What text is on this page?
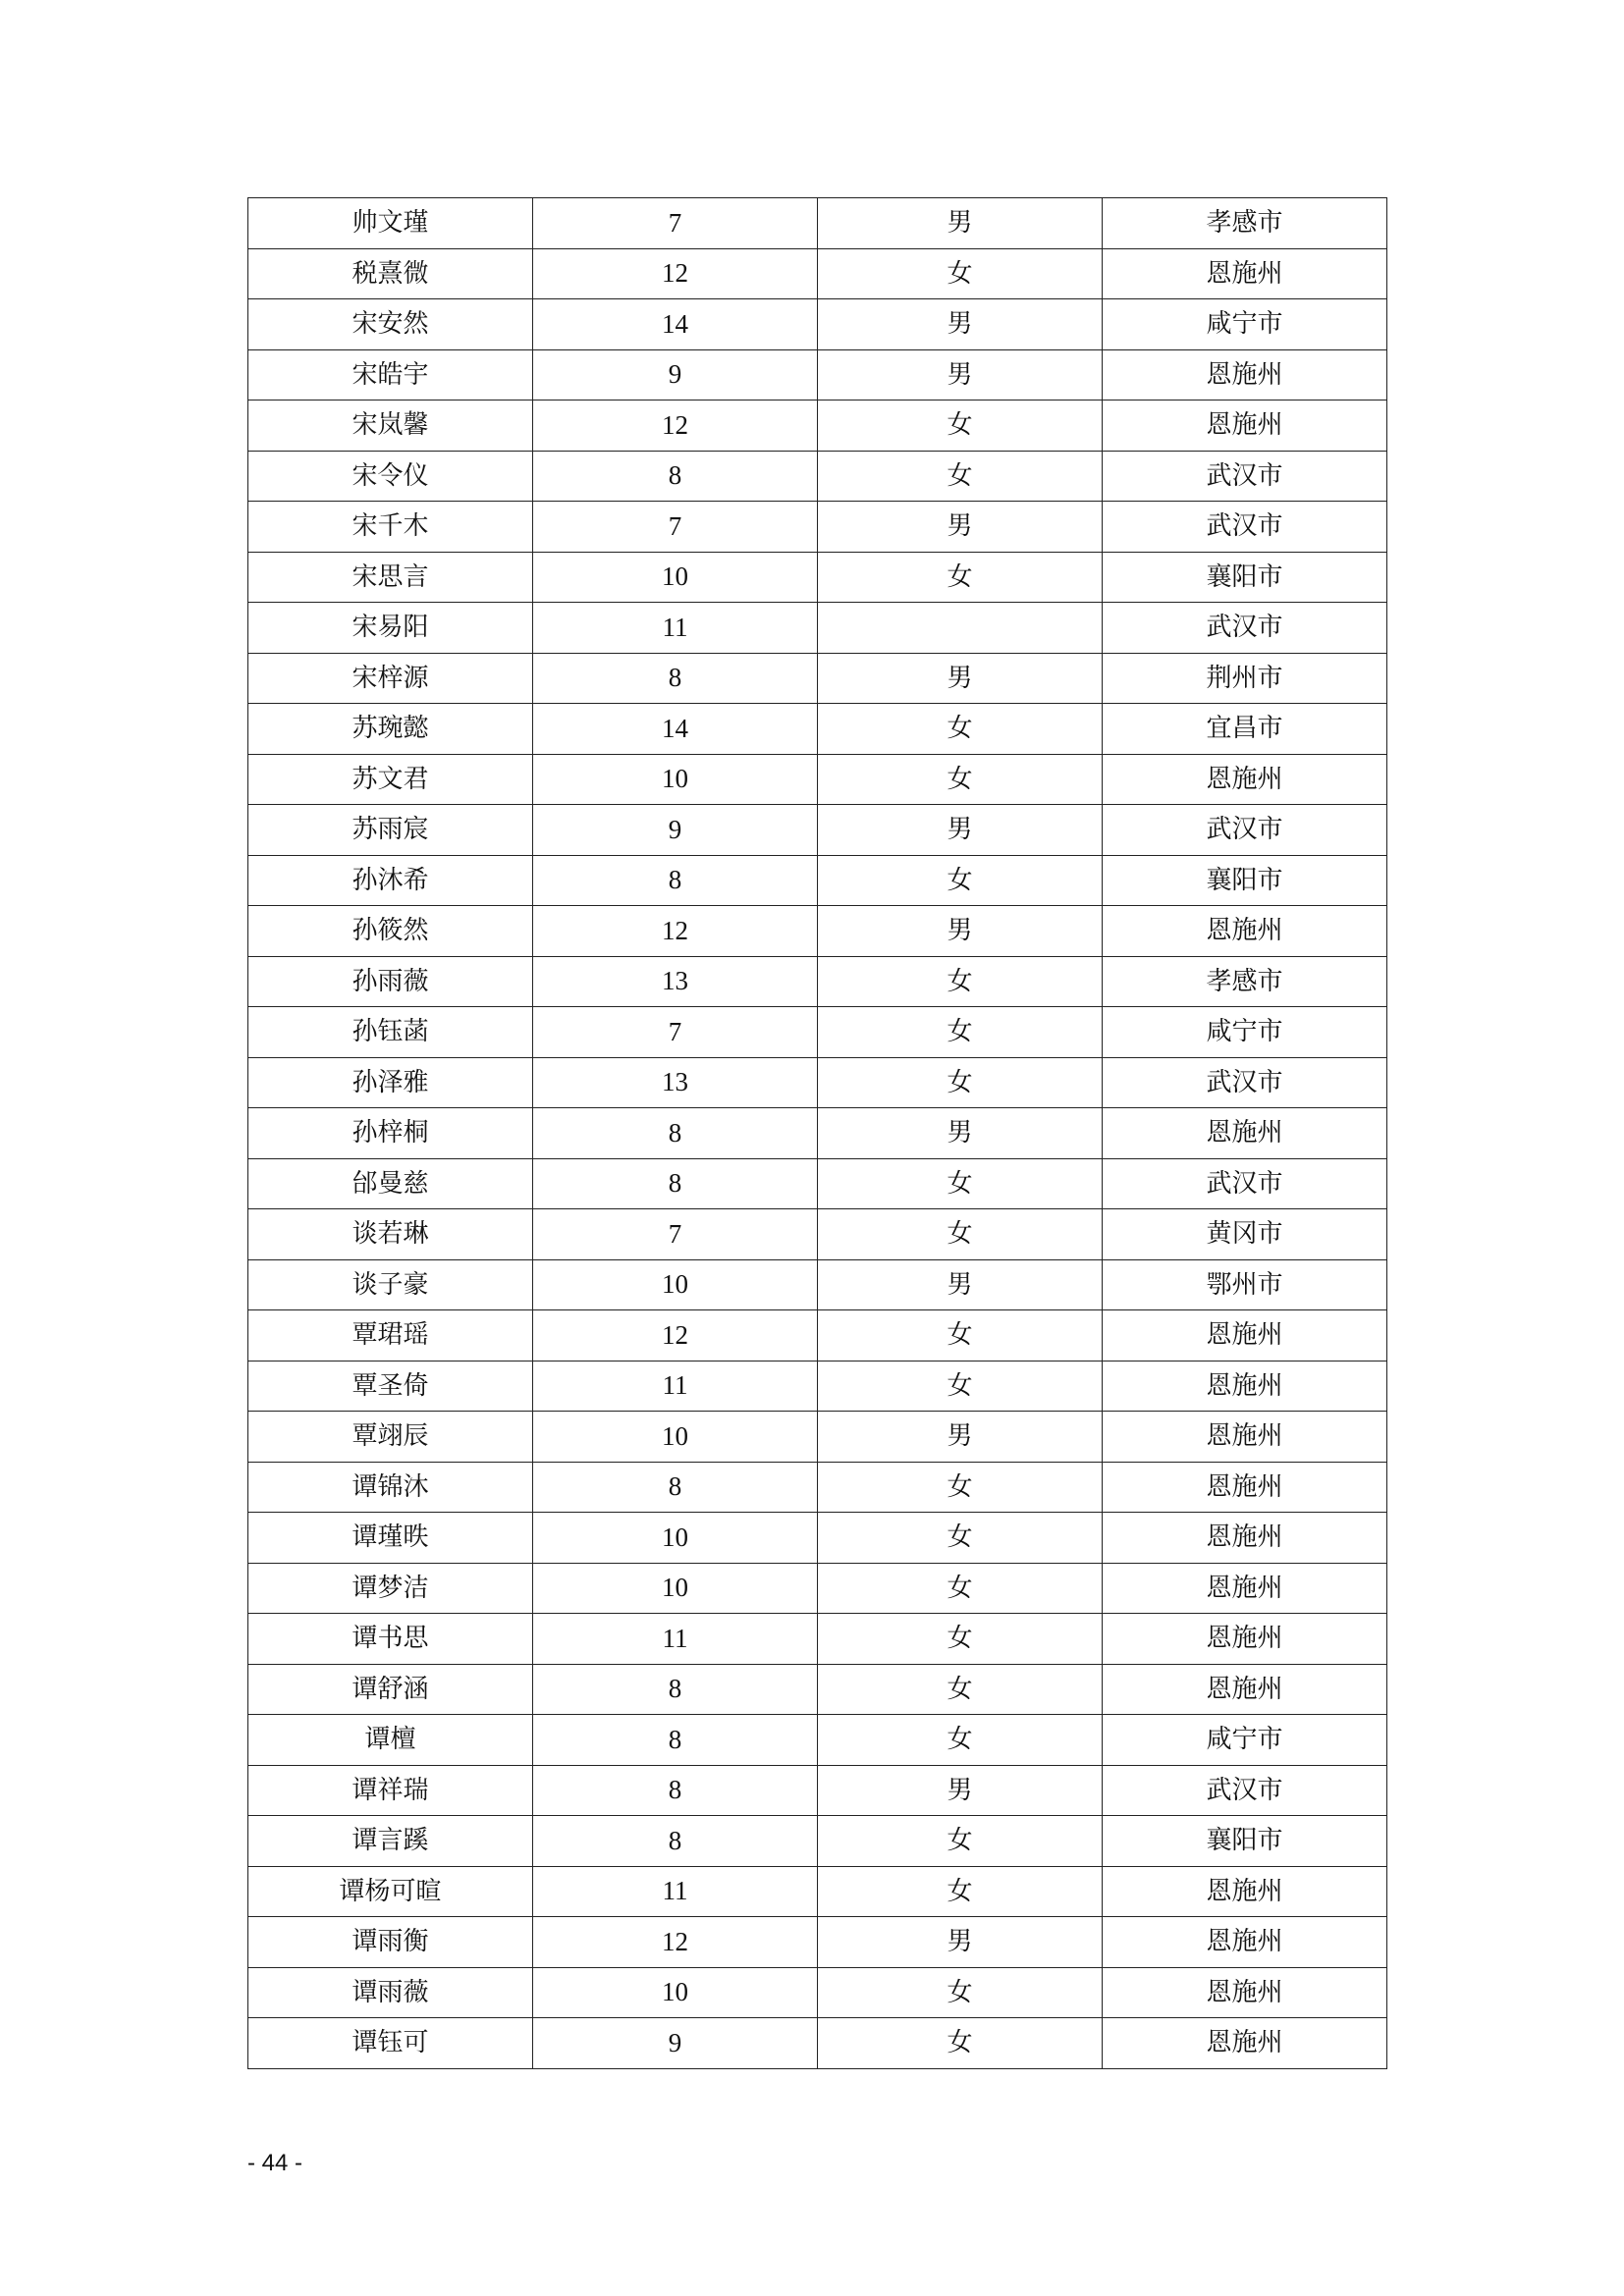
帅文瑾	7	男	孝感市
税熹微	12	女	恩施州
宋安然	14	男	咸宁市
宋皓宇	9	男	恩施州
宋岚馨	12	女	恩施州
宋令仪	8	女	武汉市
宋千木	7	男	武汉市
宋思言	10	女	襄阳市
宋易阳	11		武汉市
宋梓源	8	男	荆州市
苏琬懿	14	女	宜昌市
苏文君	10	女	恩施州
苏雨宸	9	男	武汉市
孙沐希	8	女	襄阳市
孙筱然	12	男	恩施州
孙雨薇	13	女	孝感市
孙钰菡	7	女	咸宁市
孙泽雅	13	女	武汉市
孙梓桐	8	男	恩施州
邰曼慈	8	女	武汉市
谈若琳	7	女	黄冈市
谈子豪	10	男	鄂州市
覃珺瑶	12	女	恩施州
覃圣倚	11	女	恩施州
覃翊辰	10	男	恩施州
谭锦沐	8	女	恩施州
谭瑾昳	10	女	恩施州
谭梦洁	10	女	恩施州
谭书思	11	女	恩施州
谭舒涵	8	女	恩施州
谭檀	8	女	咸宁市
谭祥瑞	8	男	武汉市
谭言蹊	8	女	襄阳市
谭杨可暄	11	女	恩施州
谭雨衡	12	男	恩施州
谭雨薇	10	女	恩施州
谭钰可	9	女	恩施州
- 44 -
